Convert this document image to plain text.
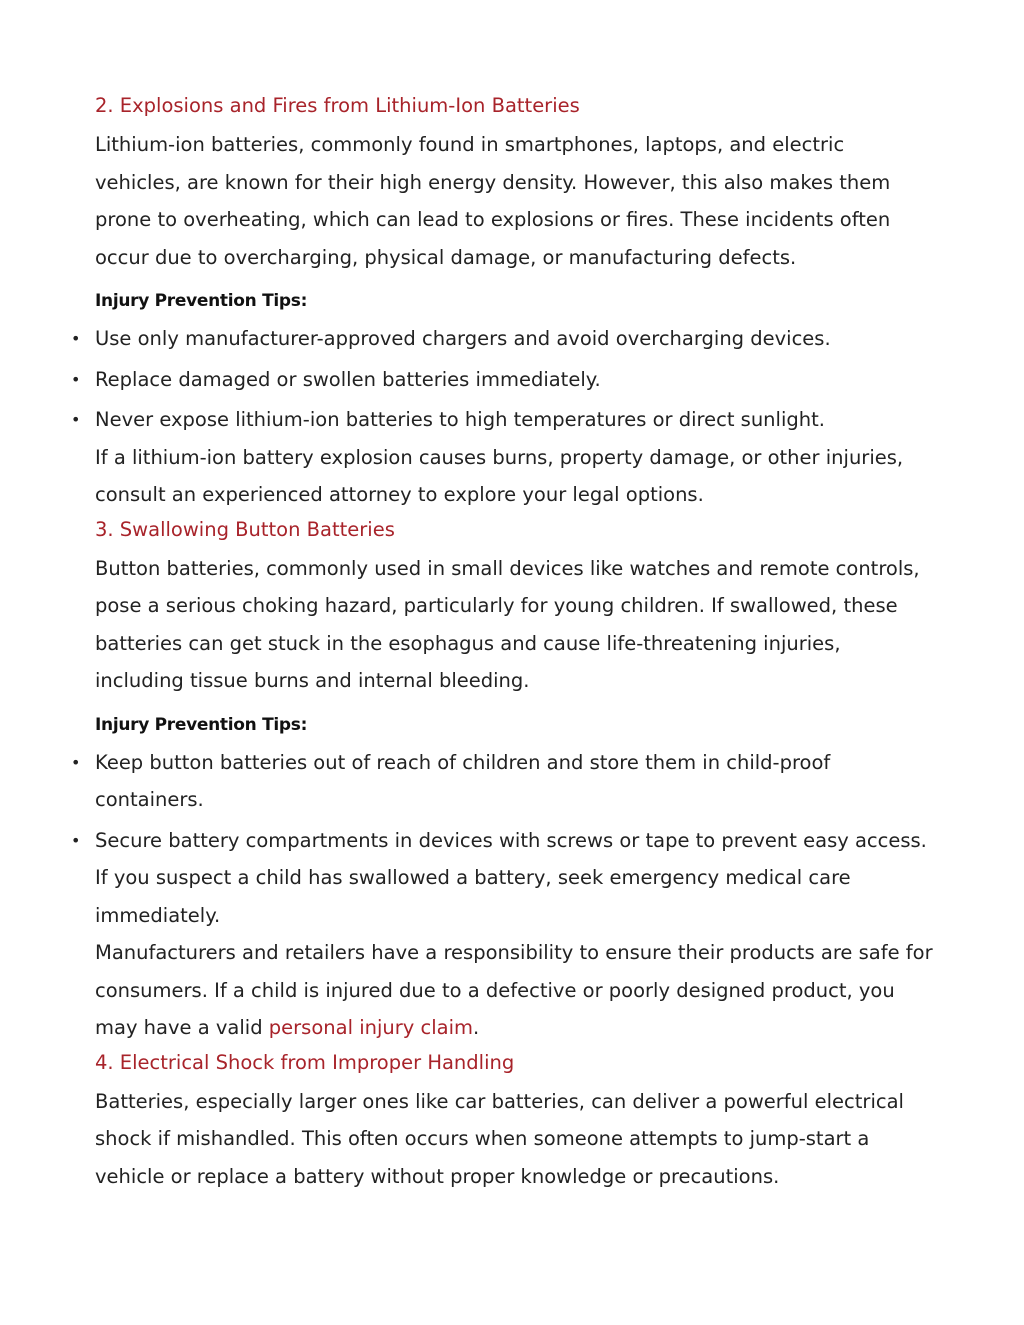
2. Explosions and Fires from Lithium-Ion Batteries

Lithium-ion batteries, commonly found in smartphones, laptops, and electric vehicles, are known for their high energy density. However, this also makes them prone to overheating, which can lead to explosions or fires. These incidents often occur due to overcharging, physical damage, or manufacturing defects.

Injury Prevention Tips:
• Use only manufacturer-approved chargers and avoid overcharging devices.
• Replace damaged or swollen batteries immediately.
• Never expose lithium-ion batteries to high temperatures or direct sunlight.

If a lithium-ion battery explosion causes burns, property damage, or other injuries, consult an experienced attorney to explore your legal options.

3. Swallowing Button Batteries

Button batteries, commonly used in small devices like watches and remote controls, pose a serious choking hazard, particularly for young children. If swallowed, these batteries can get stuck in the esophagus and cause life-threatening injuries, including tissue burns and internal bleeding.

Injury Prevention Tips:
• Keep button batteries out of reach of children and store them in child-proof containers.
• Secure battery compartments in devices with screws or tape to prevent easy access.

If you suspect a child has swallowed a battery, seek emergency medical care immediately.

Manufacturers and retailers have a responsibility to ensure their products are safe for consumers. If a child is injured due to a defective or poorly designed product, you may have a valid personal injury claim.

4. Electrical Shock from Improper Handling

Batteries, especially larger ones like car batteries, can deliver a powerful electrical shock if mishandled. This often occurs when someone attempts to jump-start a vehicle or replace a battery without proper knowledge or precautions.
